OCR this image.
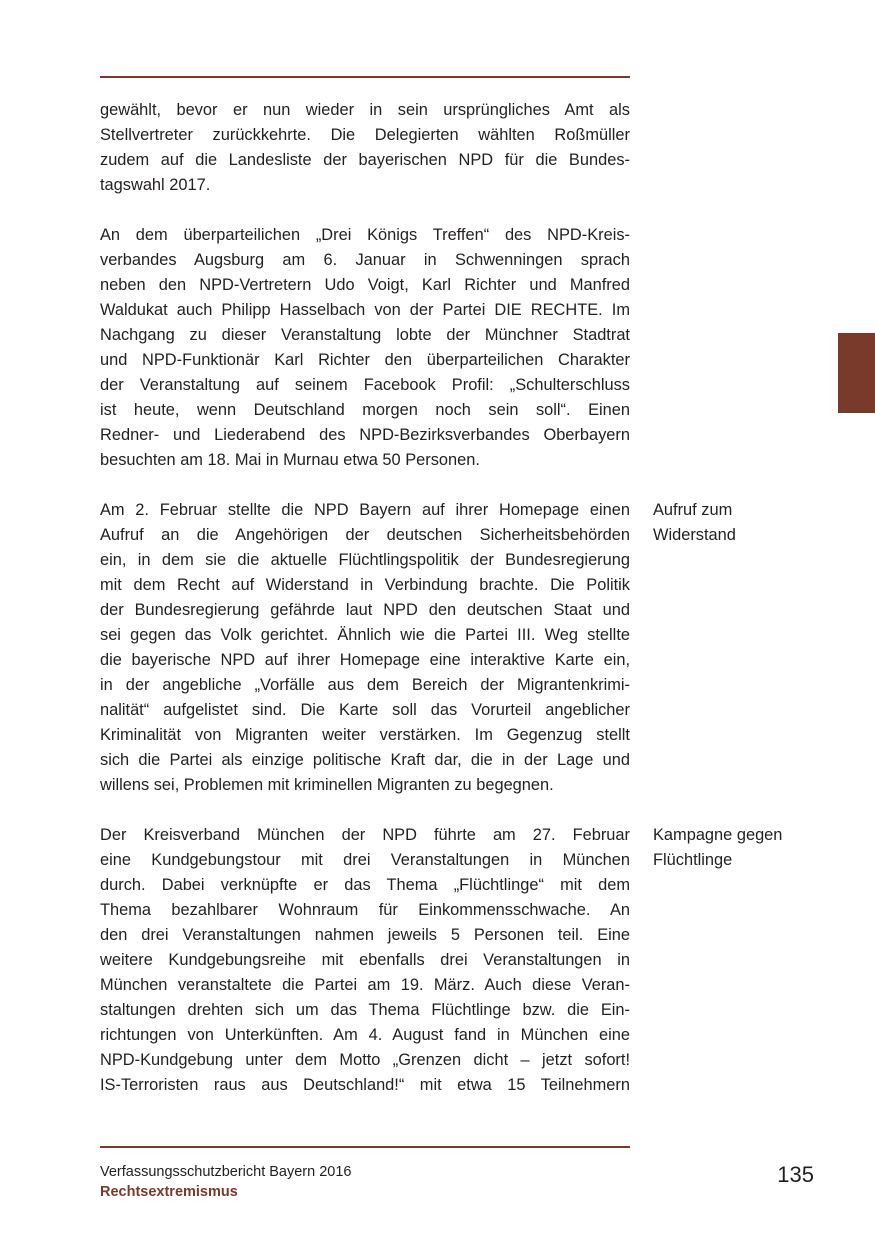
gewählt, bevor er nun wieder in sein ursprüngliches Amt als
Stellvertreter zurückkehrte. Die Delegierten wählten Roßmüller
zudem auf die Landesliste der bayerischen NPD für die Bundes-
tagswahl 2017.
An dem überparteilichen „Drei Königs Treffen“ des NPD-Kreis-
verbandes Augsburg am 6. Januar in Schwenningen sprach
neben den NPD-Vertretern Udo Voigt, Karl Richter und Manfred
Waldukat auch Philipp Hasselbach von der Partei DIE RECHTE. Im
Nachgang zu dieser Veranstaltung lobte der Münchner Stadtrat
und NPD-Funktionär Karl Richter den überparteilichen Charakter
der Veranstaltung auf seinem Facebook Profil: „Schulterschluss
ist heute, wenn Deutschland morgen noch sein soll“. Einen
Redner- und Liederabend des NPD-Bezirksverbandes Oberbayern
besuchten am 18. Mai in Murnau etwa 50 Personen.
Am 2. Februar stellte die NPD Bayern auf ihrer Homepage einen
Aufruf an die Angehörigen der deutschen Sicherheitsbehörden
ein, in dem sie die aktuelle Flüchtlingspolitik der Bundesregierung
mit dem Recht auf Widerstand in Verbindung brachte. Die Politik
der Bundesregierung gefährde laut NPD den deutschen Staat und
sei gegen das Volk gerichtet. Ähnlich wie die Partei III. Weg stellte
die bayerische NPD auf ihrer Homepage eine interaktive Karte ein,
in der angebliche „Vorfälle aus dem Bereich der Migrantenkrimi-
nalität“ aufgelistet sind. Die Karte soll das Vorurteil angeblicher
Kriminalität von Migranten weiter verstärken. Im Gegenzug stellt
sich die Partei als einzige politische Kraft dar, die in der Lage und
willens sei, Problemen mit kriminellen Migranten zu begegnen.
Aufruf zum
Widerstand
Der Kreisverband München der NPD führte am 27. Februar
eine Kundgebungstour mit drei Veranstaltungen in München
durch. Dabei verknüpfte er das Thema „Flüchtlinge“ mit dem
Thema bezahlbarer Wohnraum für Einkommensschwache. An
den drei Veranstaltungen nahmen jeweils 5 Personen teil. Eine
weitere Kundgebungsreihe mit ebenfalls drei Veranstaltungen in
München veranstaltete die Partei am 19. März. Auch diese Veran-
staltungen drehten sich um das Thema Flüchtlinge bzw. die Ein-
richtungen von Unterkünften. Am 4. August fand in München eine
NPD-Kundgebung unter dem Motto „Grenzen dicht – jetzt sofort!
IS-Terroristen raus aus Deutschland!“ mit etwa 15 Teilnehmern
Kampagne gegen
Flüchtlinge
Verfassungsschutzbericht Bayern 2016
Rechtsextremismus
135
